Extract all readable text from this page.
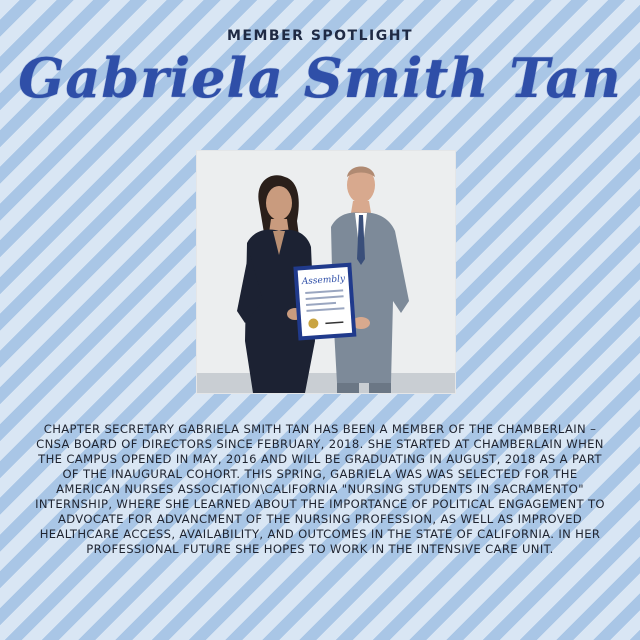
MEMBER SPOTLIGHT
Gabriela Smith Tan
Assembly

CHAPTER SECRETARY GABRIELA SMITH TAN HAS BEEN A MEMBER OF THE CHAMBERLAIN –CNSA BOARD OF DIRECTORS SINCE FEBRUARY, 2018. SHE STARTED AT CHAMBERLAIN WHEN THE CAMPUS OPENED IN MAY, 2016 AND WILL BE GRADUATING IN AUGUST, 2018 AS A PART OF THE INAUGURAL COHORT. THIS SPRING, GABRIELA WAS WAS SELECTED FOR THE AMERICAN NURSES ASSOCIATION\CALIFORNIA "NURSING STUDENTS IN SACRAMENTO" INTERNSHIP, WHERE SHE LEARNED ABOUT THE IMPORTANCE OF POLITICAL ENGAGEMENT TO ADVOCATE FOR ADVANCMENT OF THE NURSING PROFESSION, AS WELL AS IMPROVED HEALTHCARE ACCESS, AVAILABILITY, AND OUTCOMES IN THE STATE OF CALIFORNIA. IN HER PROFESSIONAL FUTURE SHE HOPES TO WORK IN THE INTENSIVE CARE UNIT.
